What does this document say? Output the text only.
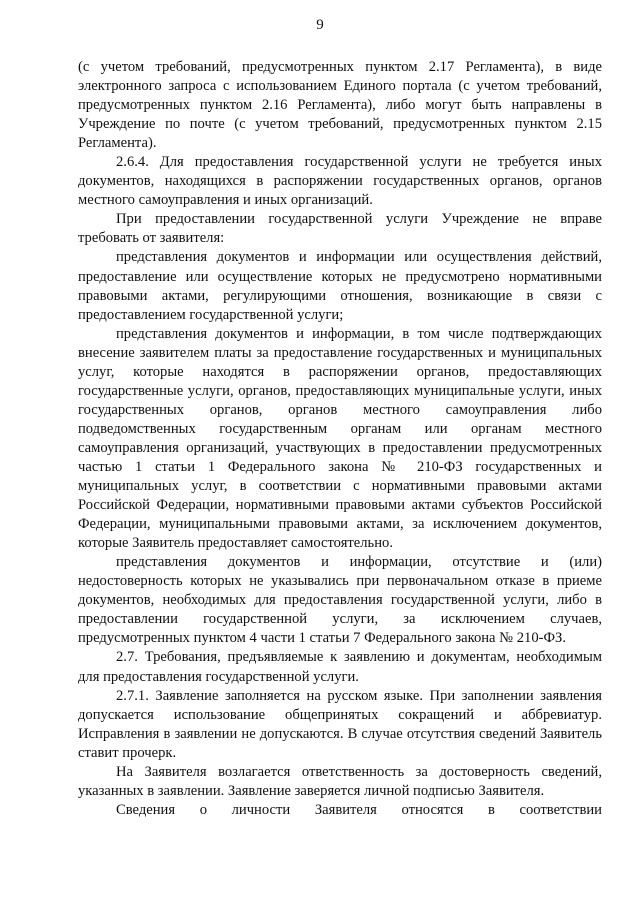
9

(с учетом требований, предусмотренных пунктом 2.17 Регламента), в виде электронного запроса с использованием Единого портала (с учетом требований, предусмотренных пунктом 2.16 Регламента), либо могут быть направлены в Учреждение по почте (с учетом требований, предусмотренных пунктом 2.15 Регламента).

2.6.4. Для предоставления государственной услуги не требуется иных документов, находящихся в распоряжении государственных органов, органов местного самоуправления и иных организаций.

При предоставлении государственной услуги Учреждение не вправе требовать от заявителя:

представления документов и информации или осуществления действий, предоставление или осуществление которых не предусмотрено нормативными правовыми актами, регулирующими отношения, возникающие в связи с предоставлением государственной услуги;

представления документов и информации, в том числе подтверждающих внесение заявителем платы за предоставление государственных и муниципальных услуг, которые находятся в распоряжении органов, предоставляющих государственные услуги, органов, предоставляющих муниципальные услуги, иных государственных органов, органов местного самоуправления либо подведомственных государственным органам или органам местного самоуправления организаций, участвующих в предоставлении предусмотренных частью 1 статьи 1 Федерального закона № 210-ФЗ государственных и муниципальных услуг, в соответствии с нормативными правовыми актами Российской Федерации, нормативными правовыми актами субъектов Российской Федерации, муниципальными правовыми актами, за исключением документов, которые Заявитель предоставляет самостоятельно.

представления документов и информации, отсутствие и (или) недостоверность которых не указывались при первоначальном отказе в приеме документов, необходимых для предоставления государственной услуги, либо в предоставлении государственной услуги, за исключением случаев, предусмотренных пунктом 4 части 1 статьи 7 Федерального закона № 210-ФЗ.

2.7. Требования, предъявляемые к заявлению и документам, необходимым для предоставления государственной услуги.

2.7.1. Заявление заполняется на русском языке. При заполнении заявления допускается использование общепринятых сокращений и аббревиатур. Исправления в заявлении не допускаются. В случае отсутствия сведений Заявитель ставит прочерк.

На Заявителя возлагается ответственность за достоверность сведений, указанных в заявлении. Заявление заверяется личной подписью Заявителя.

Сведения о личности Заявителя относятся в соответствии
